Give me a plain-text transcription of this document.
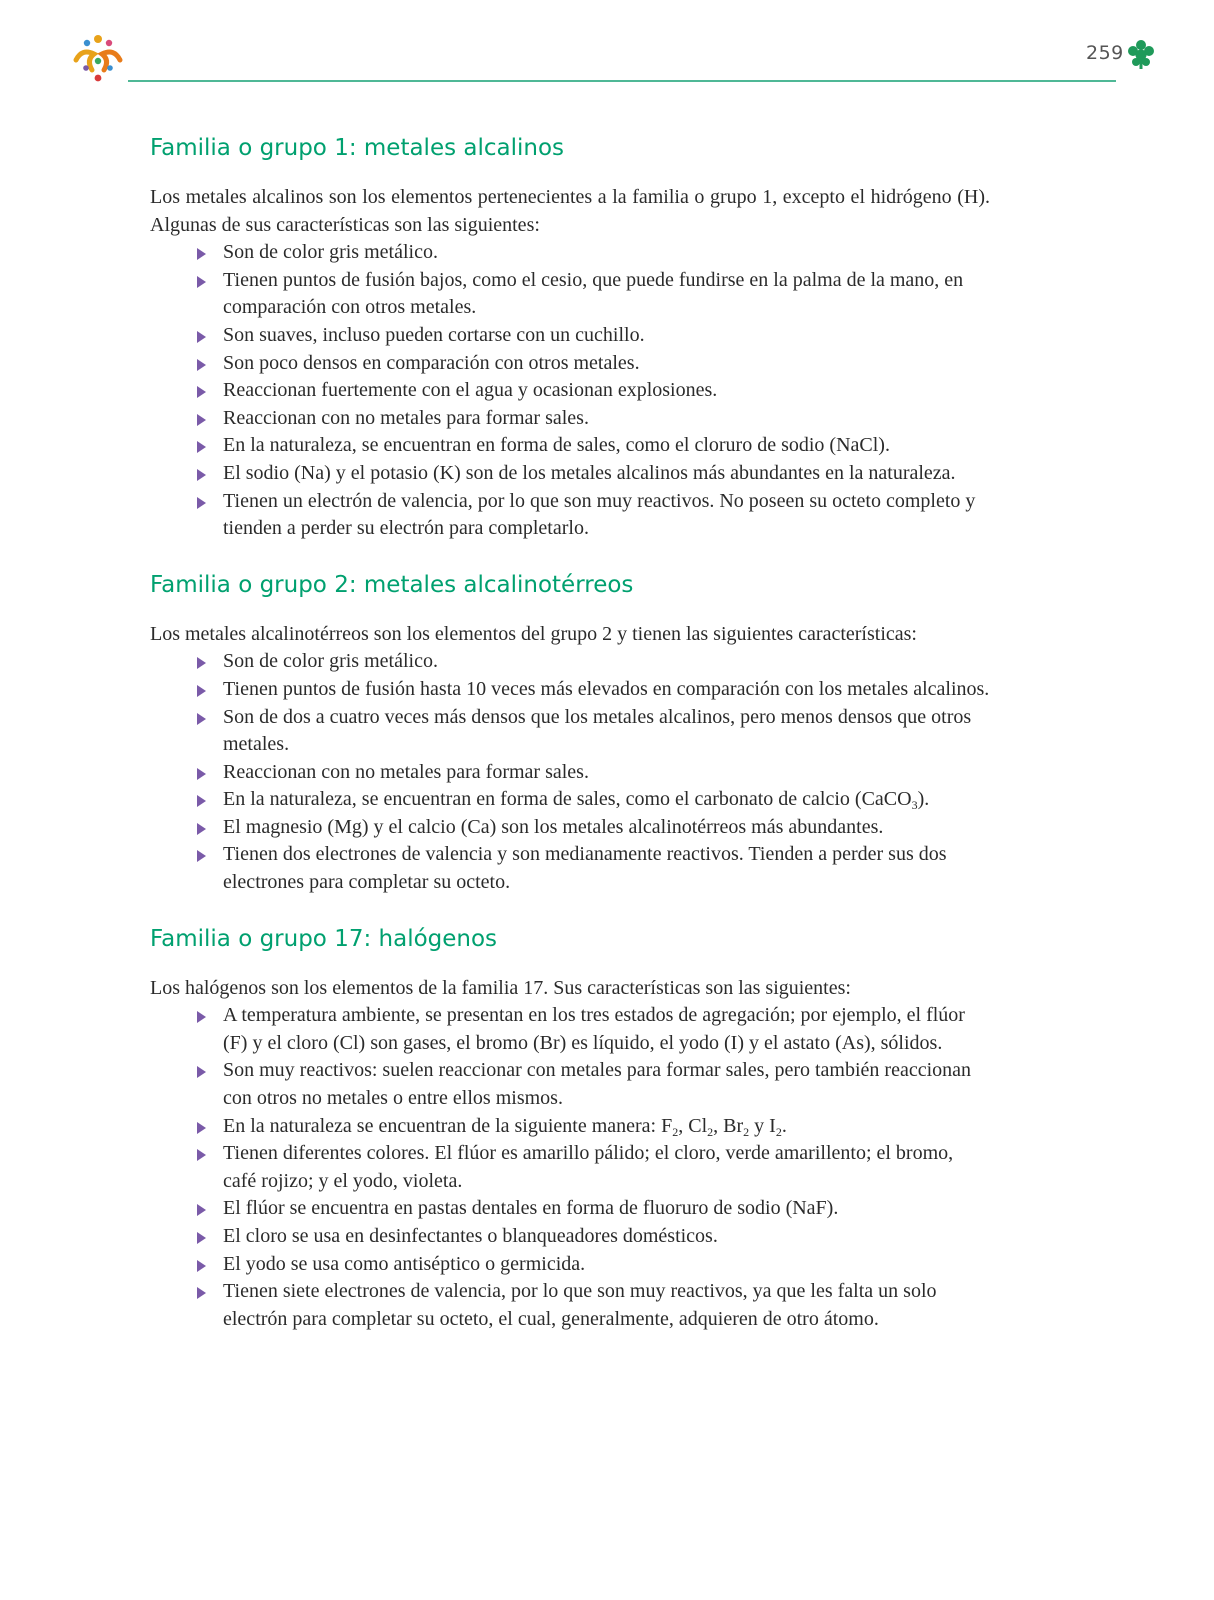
259
Familia o grupo 1: metales alcalinos

Los metales alcalinos son los elementos pertenecientes a la familia o grupo 1, excepto el hidrógeno (H). Algunas de sus características son las siguientes:

Son de color gris metálico.
Tienen puntos de fusión bajos, como el cesio, que puede fundirse en la palma de la mano, en comparación con otros metales.
Son suaves, incluso pueden cortarse con un cuchillo.
Son poco densos en comparación con otros metales.
Reaccionan fuertemente con el agua y ocasionan explosiones.
Reaccionan con no metales para formar sales.
En la naturaleza, se encuentran en forma de sales, como el cloruro de sodio (NaCl).
El sodio (Na) y el potasio (K) son de los metales alcalinos más abundantes en la naturaleza.
Tienen un electrón de valencia, por lo que son muy reactivos. No poseen su octeto completo y tienden a perder su electrón para completarlo.
Familia o grupo 2: metales alcalinotérreos

Los metales alcalinotérreos son los elementos del grupo 2 y tienen las siguientes características:

Son de color gris metálico.
Tienen puntos de fusión hasta 10 veces más elevados en comparación con los metales alcalinos.
Son de dos a cuatro veces más densos que los metales alcalinos, pero menos densos que otros metales.
Reaccionan con no metales para formar sales.
En la naturaleza, se encuentran en forma de sales, como el carbonato de calcio (CaCO$_3$).
El magnesio (Mg) y el calcio (Ca) son los metales alcalinotérreos más abundantes.
Tienen dos electrones de valencia y son medianamente reactivos. Tienden a perder sus dos electrones para completar su octeto.
Familia o grupo 17: halógenos

Los halógenos son los elementos de la familia 17. Sus características son las siguientes:

A temperatura ambiente, se presentan en los tres estados de agregación; por ejemplo, el flúor (F) y el cloro (Cl) son gases, el bromo (Br) es líquido, el yodo (I) y el astato (As), sólidos.
Son muy reactivos: suelen reaccionar con metales para formar sales, pero también reaccionan con otros no metales o entre ellos mismos.
En la naturaleza se encuentran de la siguiente manera: $F_2$, $Cl_2$, $Br_2$ y $I_2$.
Tienen diferentes colores. El flúor es amarillo pálido; el cloro, verde amarillento; el bromo, café rojizo; y el yodo, violeta.
El flúor se encuentra en pastas dentales en forma de fluoruro de sodio (NaF).
El cloro se usa en desinfectantes o blanqueadores domésticos.
El yodo se usa como antiséptico o germicida.
Tienen siete electrones de valencia, por lo que son muy reactivos, ya que les falta un solo electrón para completar su octeto, el cual, generalmente, adquieren de otro átomo.
